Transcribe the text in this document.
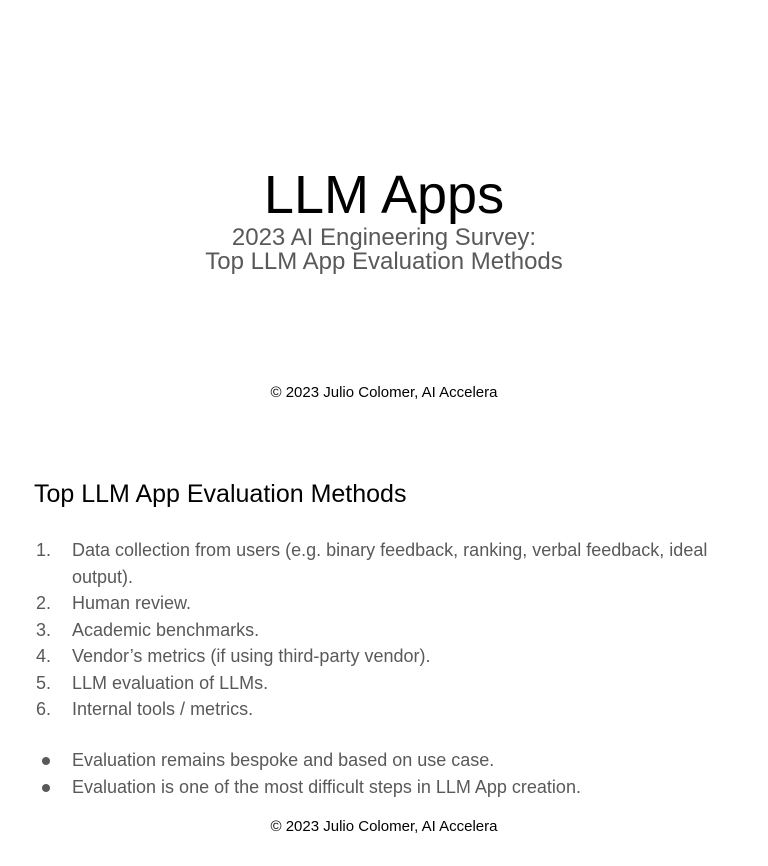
LLM Apps
2023 AI Engineering Survey:
Top LLM App Evaluation Methods
© 2023 Julio Colomer, AI Accelera
Top LLM App Evaluation Methods
1. Data collection from users (e.g. binary feedback, ranking, verbal feedback, ideal output).
2. Human review.
3. Academic benchmarks.
4. Vendor’s metrics (if using third-party vendor).
5. LLM evaluation of LLMs.
6. Internal tools / metrics.
Evaluation remains bespoke and based on use case.
Evaluation is one of the most difficult steps in LLM App creation.
© 2023 Julio Colomer, AI Accelera
